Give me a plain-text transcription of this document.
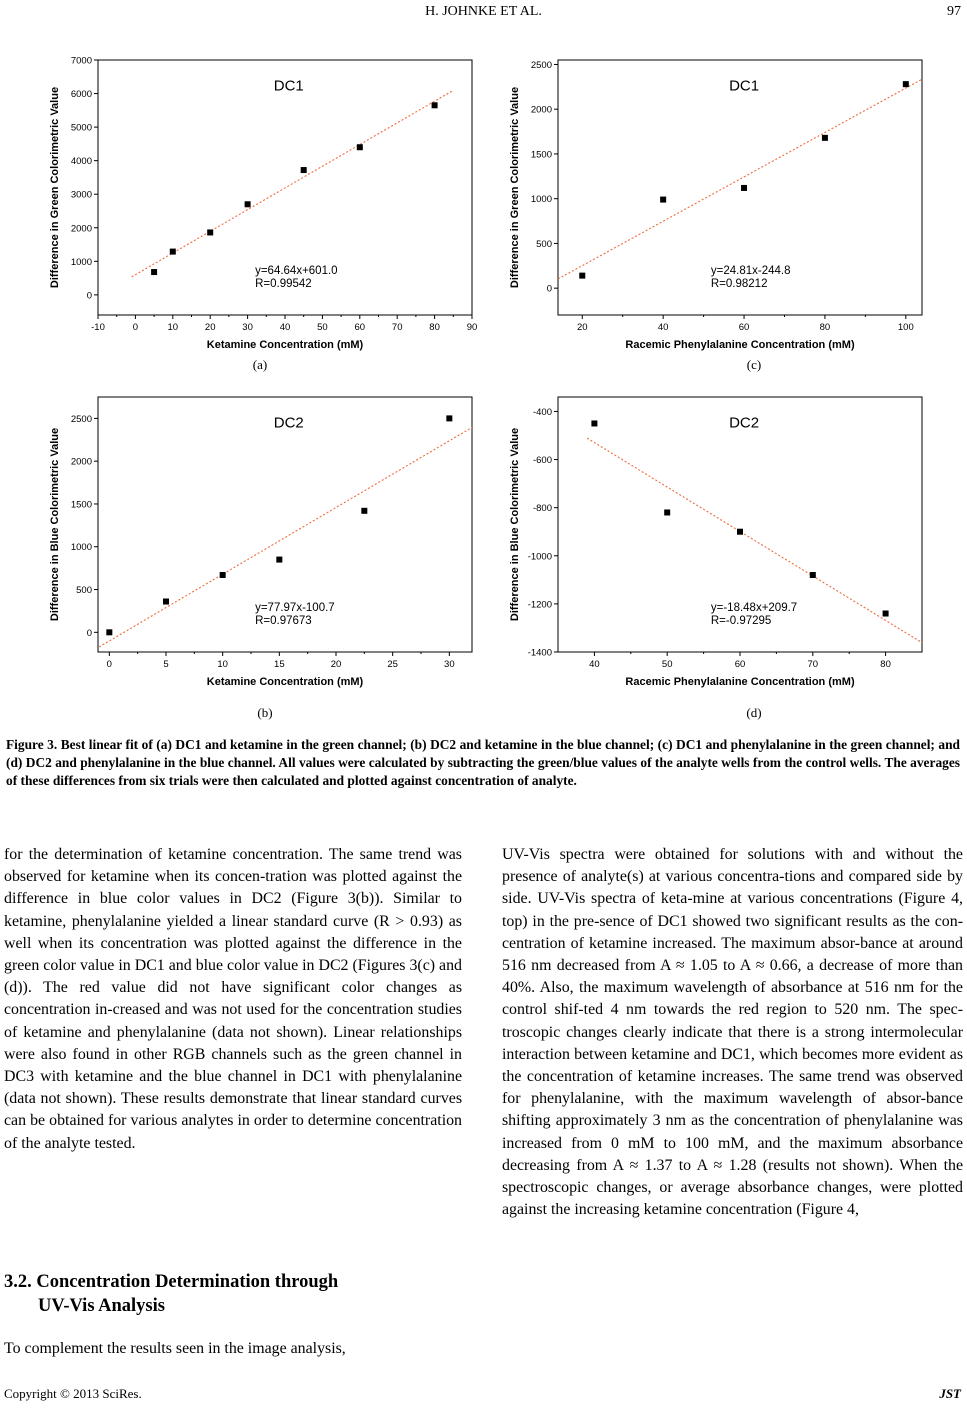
H. JOHNKE ET AL.	97
-10	0	10	20	30	40	50	60	70	80	90
0
1000
2000
3000
4000
5000
6000
7000
Ketamine Concentration (mM)
Difference in Green Colorimetric Value
DC1
y=64.64x+601.0
R=0.99542
(a)
20	40	60	80	100
0
500
1000
1500
2000
2500
Racemic Phenylalanine Concentration (mM)
Difference in Green Colorimetric Value
DC1
y=24.81x-244.8
R=0.98212
(c)
0	5	10	15	20	25	30
0
500
1000
1500
2000
2500
Ketamine Concentration (mM)
Difference in Blue Colorimetric Value
DC2
y=77.97x-100.7
R=0.97673
(b)
40	50	60	70	80
-400
-600
-800
-1000
-1200
-1400
Racemic Phenylalanine Concentration (mM)
Difference in Blue Colorimetric Value
DC2
y=-18.48x+209.7
R=-0.97295
(d)
Figure 3. Best linear fit of (a) DC1 and ketamine in the green channel; (b) DC2 and ketamine in the blue channel; (c) DC1 and phenylalanine in the green channel; and (d) DC2 and phenylalanine in the blue channel. All values were calculated by subtracting the green/blue values of the analyte wells from the control wells. The averages of these differences from six trials were then calculated and plotted against concentration of analyte.

for the determination of ketamine concentration. The same trend was observed for ketamine when its concen-tration was plotted against the difference in blue color values in DC2 (Figure 3(b)). Similar to ketamine, phenylalanine yielded a linear standard curve (R > 0.93) as well when its concentration was plotted against the difference in the green color value in DC1 and blue color value in DC2 (Figures 3(c) and (d)). The red value did not have significant color changes as concentration in-creased and was not used for the concentration studies of ketamine and phenylalanine (data not shown). Linear relationships were also found in other RGB channels such as the green channel in DC3 with ketamine and the blue channel in DC1 with phenylalanine (data not shown). These results demonstrate that linear standard curves can be obtained for various analytes in order to determine concentration of the analyte tested.

3.2. Concentration Determination through
UV-Vis Analysis

To complement the results seen in the image analysis,

UV-Vis spectra were obtained for solutions with and without the presence of analyte(s) at various concentra-tions and compared side by side. UV-Vis spectra of keta-mine at various concentrations (Figure 4, top) in the pre-sence of DC1 showed two significant results as the con-centration of ketamine increased. The maximum absor-bance at around 516 nm decreased from A ≈ 1.05 to A ≈ 0.66, a decrease of more than 40%. Also, the maximum wavelength of absorbance at 516 nm for the control shif-ted 4 nm towards the red region to 520 nm. The spec-troscopic changes clearly indicate that there is a strong intermolecular interaction between ketamine and DC1, which becomes more evident as the concentration of ketamine increases. The same trend was observed for phenylalanine, with the maximum wavelength of absor-bance shifting approximately 3 nm as the concentration of phenylalanine was increased from 0 mM to 100 mM, and the maximum absorbance decreasing from A ≈ 1.37 to A ≈ 1.28 (results not shown). When the spectroscopic changes, or average absorbance changes, were plotted against the increasing ketamine concentration (Figure 4,

Copyright © 2013 SciRes.	JST
